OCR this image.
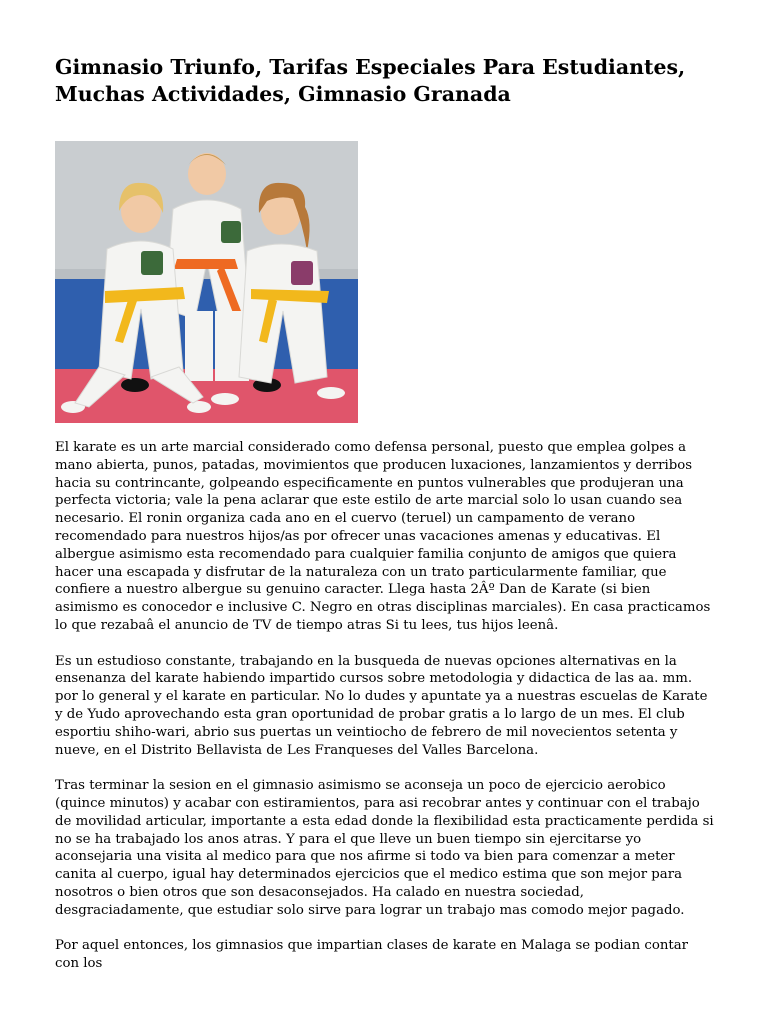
Gimnasio Triunfo, Tarifas Especiales Para Estudiantes, Muchas Actividades, Gimnasio Granada

El karate es un arte marcial considerado como defensa personal, puesto que emplea golpes a mano abierta, punos, patadas, movimientos que producen luxaciones, lanzamientos y derribos hacia su contrincante, golpeando especificamente en puntos vulnerables que produjeran una perfecta victoria; vale la pena aclarar que este estilo de arte marcial solo lo usan cuando sea necesario. El ronin organiza cada ano en el cuervo (teruel) un campamento de verano recomendado para nuestros hijos/as por ofrecer unas vacaciones amenas y educativas. El albergue asimismo esta recomendado para cualquier familia conjunto de amigos que quiera hacer una escapada y disfrutar de la naturaleza con un trato particularmente familiar, que confiere a nuestro albergue su genuino caracter. Llega hasta 2Âº Dan de Karate (si bien asimismo es conocedor e inclusive C. Negro en otras disciplinas marciales). En casa practicamos lo que rezabaâ el anuncio de TV de tiempo atras Si tu lees, tus hijos leenâ.

Es un estudioso constante, trabajando en la busqueda de nuevas opciones alternativas en la ensenanza del karate habiendo impartido cursos sobre metodologia y didactica de las aa. mm. por lo general y el karate en particular. No lo dudes y apuntate ya a nuestras escuelas de Karate y de Yudo aprovechando esta gran oportunidad de probar gratis a lo largo de un mes. El club esportiu shiho-wari, abrio sus puertas un veintiocho de febrero de mil novecientos setenta y nueve, en el Distrito Bellavista de Les Franqueses del Valles Barcelona.

Tras terminar la sesion en el gimnasio asimismo se aconseja un poco de ejercicio aerobico (quince minutos) y acabar con estiramientos, para asi recobrar antes y continuar con el trabajo de movilidad articular, importante a esta edad donde la flexibilidad esta practicamente perdida si no se ha trabajado los anos atras. Y para el que lleve un buen tiempo sin ejercitarse yo aconsejaria una visita al medico para que nos afirme si todo va bien para comenzar a meter canita al cuerpo, igual hay determinados ejercicios que el medico estima que son mejor para nosotros o bien otros que son desaconsejados. Ha calado en nuestra sociedad, desgraciadamente, que estudiar solo sirve para lograr un trabajo mas comodo mejor pagado.

Por aquel entonces, los gimnasios que impartian clases de karate en Malaga se podian contar con los
